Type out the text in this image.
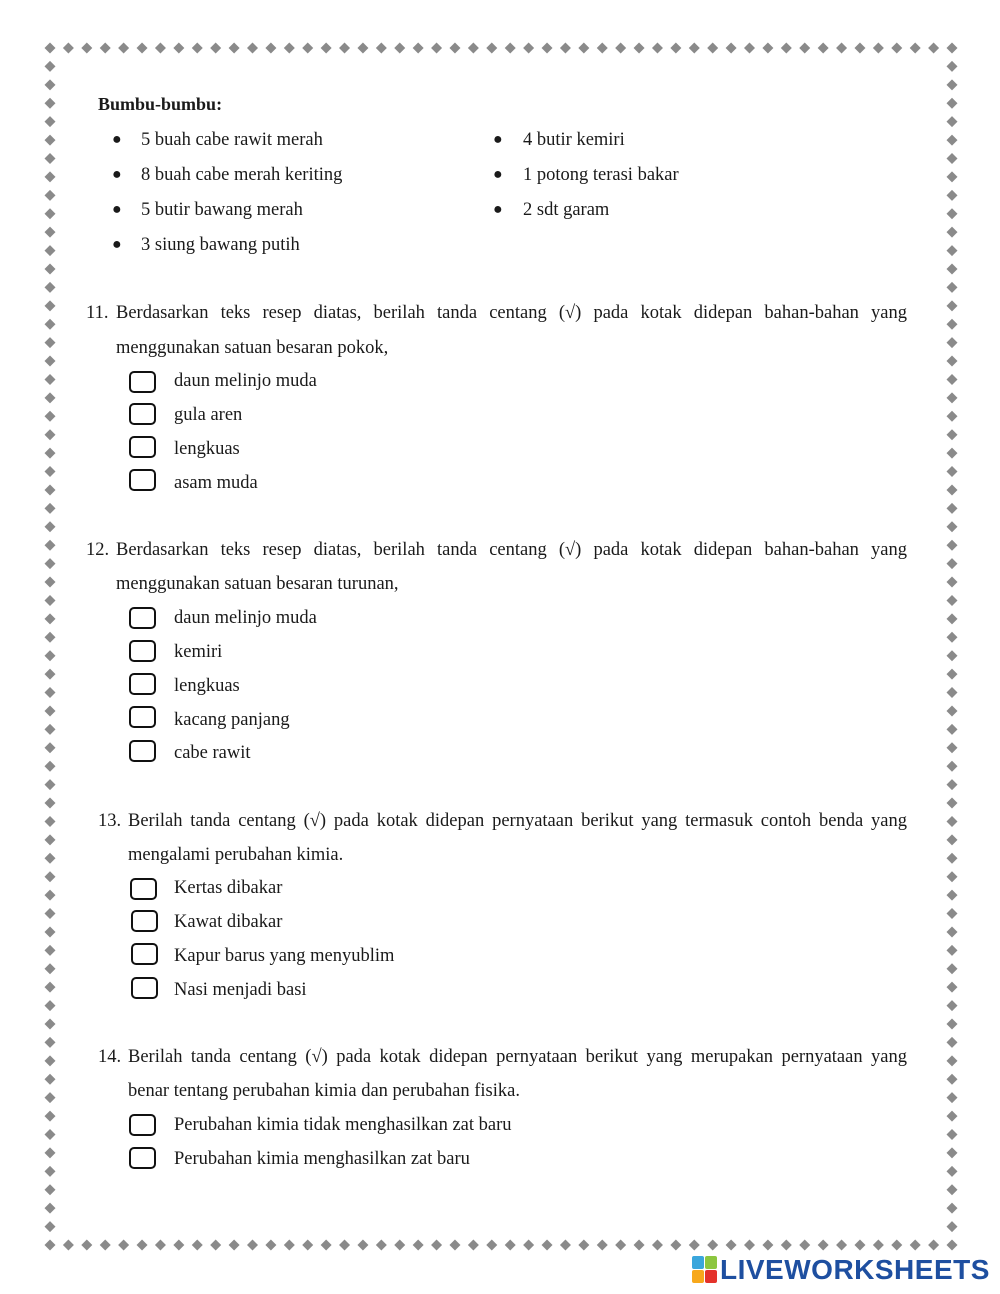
Bumbu-bumbu:
● 5 buah cabe rawit merah
● 8 buah cabe merah keriting
● 5 butir bawang merah
● 3 siung bawang putih
● 4 butir kemiri
● 1 potong terasi bakar
● 2 sdt garam
11. Berdasarkan teks resep diatas, berilah tanda centang (√) pada kotak didepan bahan-bahan yang
menggunakan satuan besaran pokok,
daun melinjo muda
gula aren
lengkuas
asam muda
12. Berdasarkan teks resep diatas, berilah tanda centang (√) pada kotak didepan bahan-bahan yang
menggunakan satuan besaran turunan,
daun melinjo muda
kemiri
lengkuas
kacang panjang
cabe rawit
13. Berilah tanda centang (√) pada kotak didepan pernyataan berikut yang termasuk contoh benda yang
mengalami perubahan kimia.
Kertas dibakar
Kawat dibakar
Kapur barus yang menyublim
Nasi menjadi basi
14. Berilah tanda centang (√) pada kotak didepan pernyataan berikut yang merupakan pernyataan yang
benar tentang perubahan kimia dan perubahan fisika.
Perubahan kimia tidak menghasilkan zat baru
Perubahan kimia menghasilkan zat baru
LIVEWORKSHEETS
